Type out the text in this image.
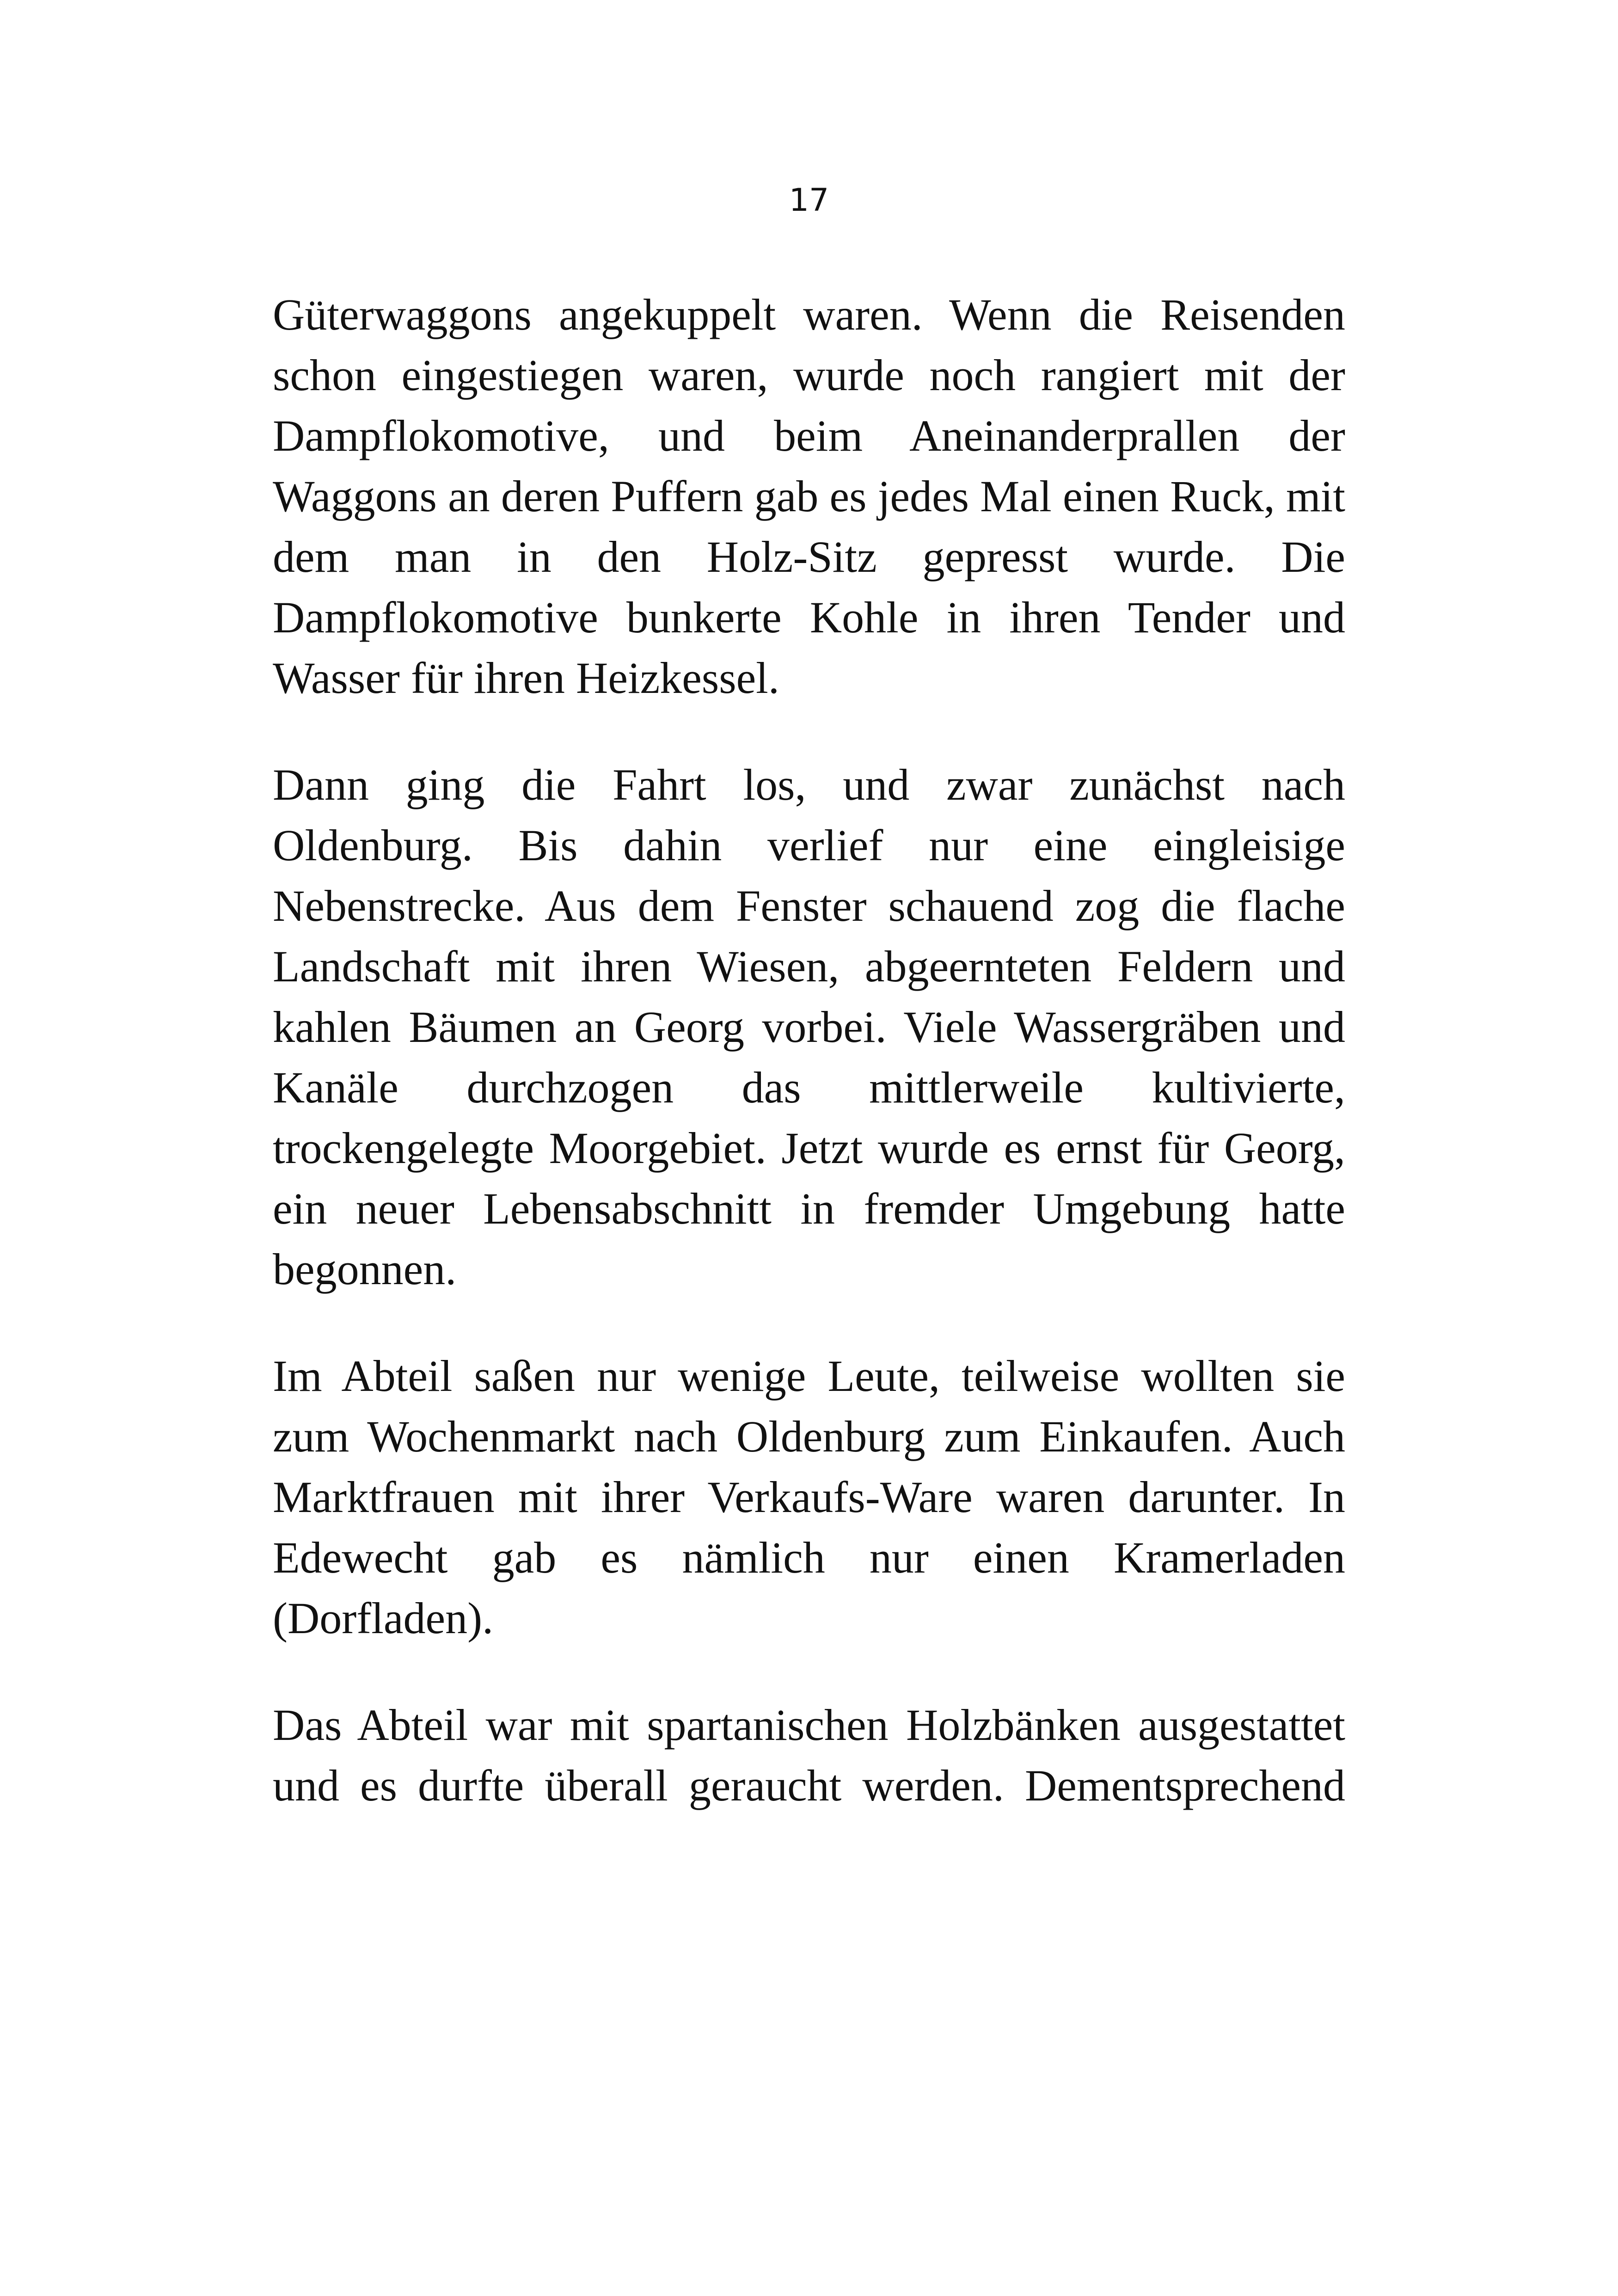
17

Güterwaggons angekuppelt waren. Wenn die Reisenden schon eingestiegen waren, wurde noch rangiert mit der Dampflokomotive, und beim Aneinanderprallen der Waggons an deren Puffern gab es jedes Mal einen Ruck, mit dem man in den Holz-Sitz gepresst wurde. Die Dampflokomotive bunkerte Kohle in ihren Tender und Wasser für ihren Heizkessel.

Dann ging die Fahrt los, und zwar zunächst nach Oldenburg. Bis dahin verlief nur eine eingleisige Nebenstrecke. Aus dem Fenster schauend zog die flache Landschaft mit ihren Wiesen, abgeernteten Feldern und kahlen Bäumen an Georg vorbei. Viele Wassergräben und Kanäle durchzogen das mittlerweile kultivierte, trockengelegte Moorgebiet. Jetzt wurde es ernst für Georg, ein neuer Lebensabschnitt in fremder Umgebung hatte begonnen.

Im Abteil saßen nur wenige Leute, teilweise wollten sie zum Wochenmarkt nach Oldenburg zum Einkaufen. Auch Marktfrauen mit ihrer Verkaufs-Ware waren darunter. In Edewecht gab es nämlich nur einen Kramerladen (Dorfladen).

Das Abteil war mit spartanischen Holzbänken ausgestattet und es durfte überall geraucht werden. Dementsprechend
